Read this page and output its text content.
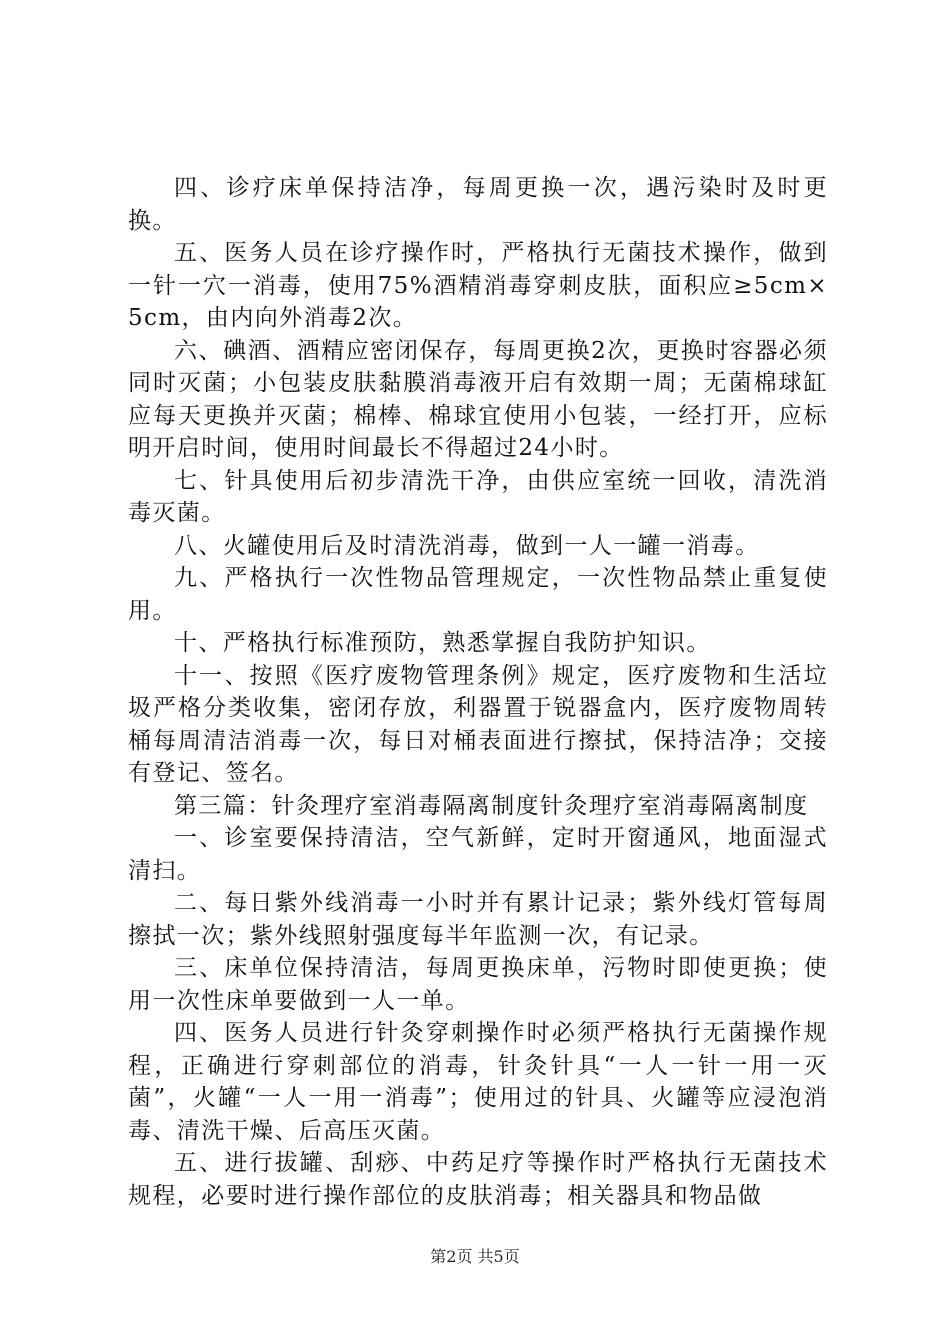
四、诊疗床单保持洁净，每周更换一次，遇污染时及时更换。

五、医务人员在诊疗操作时，严格执行无菌技术操作，做到一针一穴一消毒，使用75%酒精消毒穿刺皮肤，面积应≥5cm×5cm，由内向外消毒2次。

六、碘酒、酒精应密闭保存，每周更换2次，更换时容器必须同时灭菌；小包装皮肤黏膜消毒液开启有效期一周；无菌棉球缸应每天更换并灭菌；棉棒、棉球宜使用小包装，一经打开，应标明开启时间，使用时间最长不得超过24小时。

七、针具使用后初步清洗干净，由供应室统一回收，清洗消毒灭菌。

八、火罐使用后及时清洗消毒，做到一人一罐一消毒。

九、严格执行一次性物品管理规定，一次性物品禁止重复使用。

十、严格执行标准预防，熟悉掌握自我防护知识。

十一、按照《医疗废物管理条例》规定，医疗废物和生活垃圾严格分类收集，密闭存放，利器置于锐器盒内，医疗废物周转桶每周清洁消毒一次，每日对桶表面进行擦拭，保持洁净；交接有登记、签名。

第三篇：针灸理疗室消毒隔离制度针灸理疗室消毒隔离制度

一、诊室要保持清洁，空气新鲜，定时开窗通风，地面湿式清扫。

二、每日紫外线消毒一小时并有累计记录；紫外线灯管每周擦拭一次；紫外线照射强度每半年监测一次，有记录。

三、床单位保持清洁，每周更换床单，污物时即使更换；使用一次性床单要做到一人一单。

四、医务人员进行针灸穿刺操作时必须严格执行无菌操作规程，正确进行穿刺部位的消毒，针灸针具“一人一针一用一灭菌”，火罐“一人一用一消毒”；使用过的针具、火罐等应浸泡消毒、清洗干燥、后高压灭菌。

五、进行拔罐、刮痧、中药足疗等操作时严格执行无菌技术规程，必要时进行操作部位的皮肤消毒；相关器具和物品做

第2页 共5页
